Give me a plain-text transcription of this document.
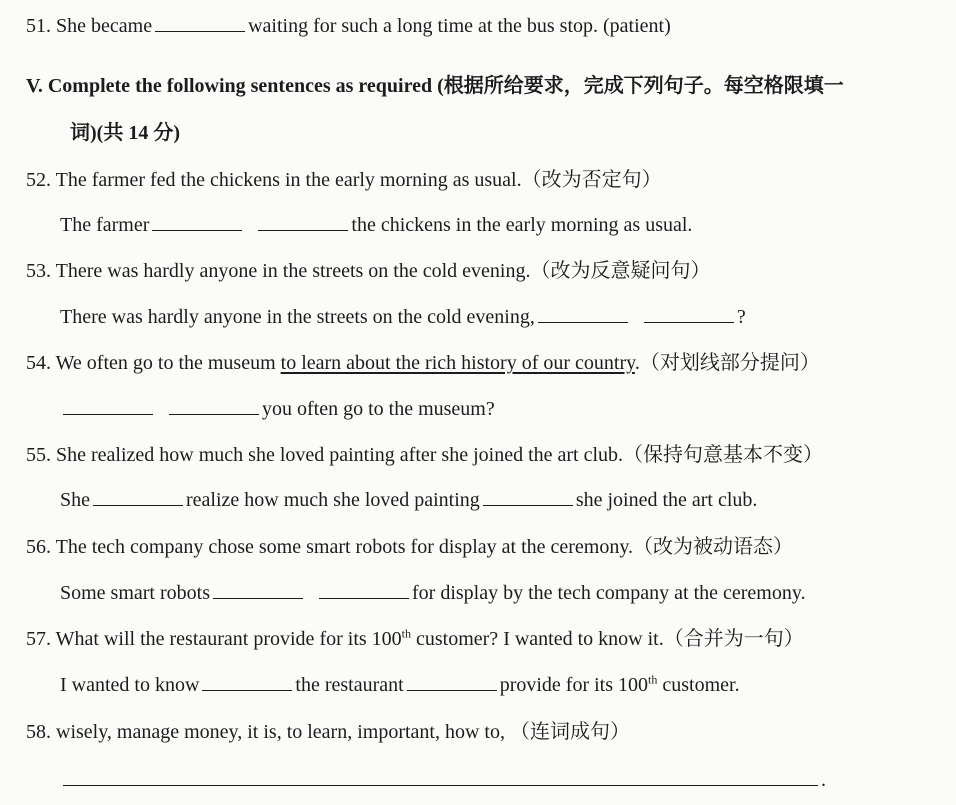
51. She became	waiting for such a long time at the bus stop. (patient)
V. Complete the following sentences as required (根据所给要求，完成下列句子。每空格限填一
词)(共 14 分)
52. The farmer fed the chickens in the early morning as usual.（改为否定句）
The farmer	the chickens in the early morning as usual.
53. There was hardly anyone in the streets on the cold evening.（改为反意疑问句）
There was hardly anyone in the streets on the cold evening,	?
54. We often go to the museum to learn about the rich history of our country.（对划线部分提问）
you often go to the museum?
55. She realized how much she loved painting after she joined the art club.（保持句意基本不变）
She	realize how much she loved painting	she joined the art club.
56. The tech company chose some smart robots for display at the ceremony.（改为被动语态）
Some smart robots	for display by the tech company at the ceremony.
57. What will the restaurant provide for its 100th customer? I wanted to know it.（合并为一句）
I wanted to know	the restaurant	provide for its 100th customer.
58. wisely, manage money, it is, to learn, important, how to, （连词成句）
.
